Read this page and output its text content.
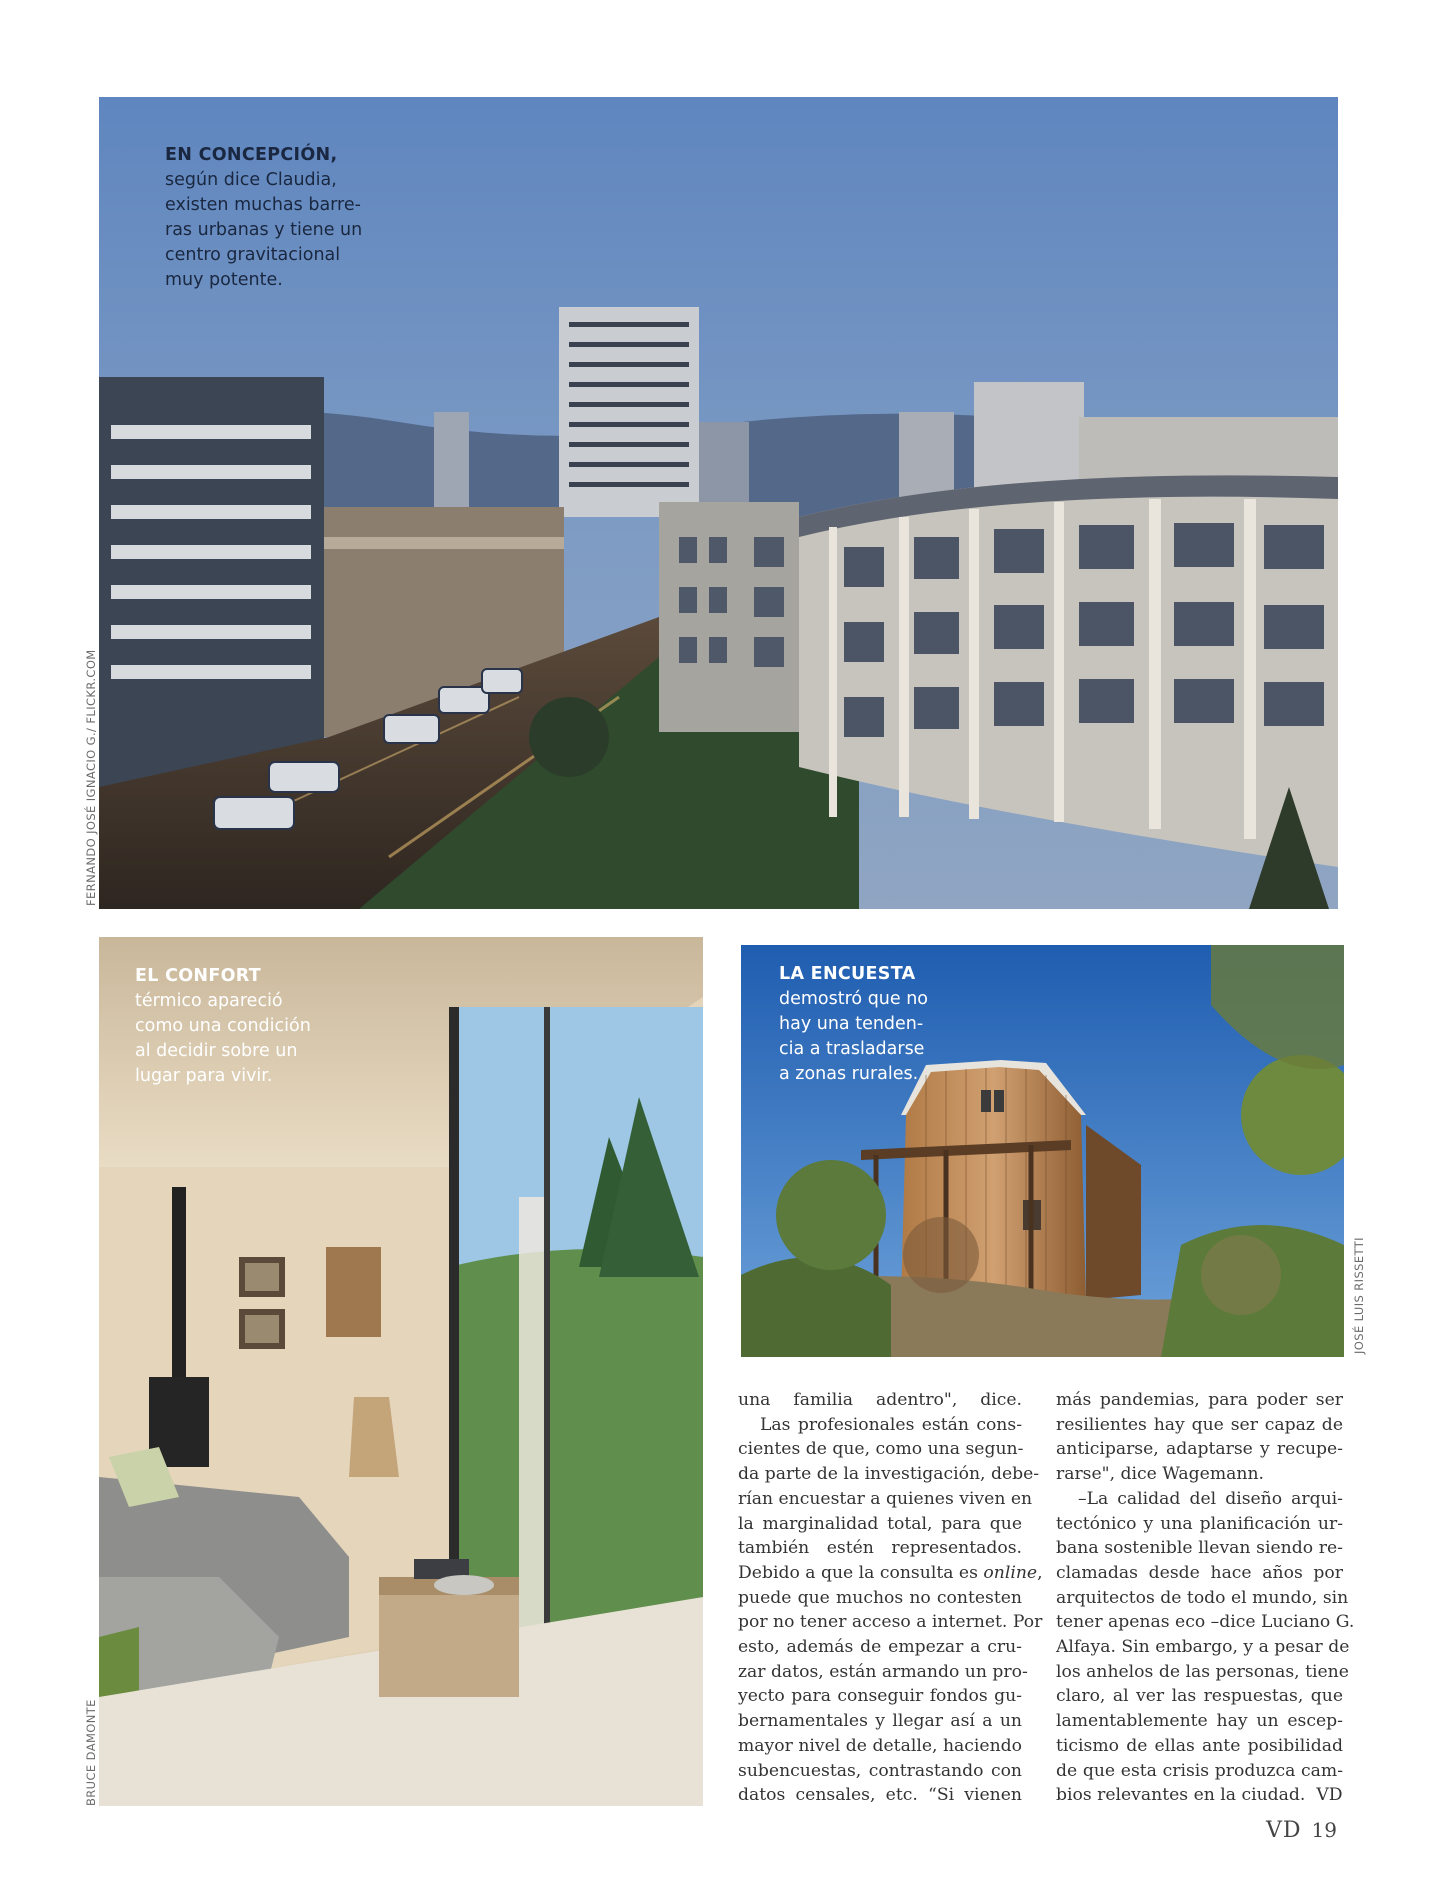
EN CONCEPCIÓN,
según dice Claudia,
existen muchas barre-
ras urbanas y tiene un
centro gravitacional
muy potente.
FERNANDO JOSÉ IGNACIO G./ FLICKR.COM
EL CONFORT
térmico apareció
como una condición
al decidir sobre un
lugar para vivir.
BRUCE DAMONTE
LA ENCUESTA
demostró que no
hay una tenden-
cia a trasladarse
a zonas rurales.
JOSÉ LUIS RISSETTI
una familia adentro", dice.
Las profesionales están cons-
cientes de que, como una segun-
da parte de la investigación, debe-
rían encuestar a quienes viven en
la marginalidad total, para que
también estén representados.
Debido a que la consulta es online,
puede que muchos no contesten
por no tener acceso a internet. Por
esto, además de empezar a cru-
zar datos, están armando un pro-
yecto para conseguir fondos gu-
bernamentales y llegar así a un
mayor nivel de detalle, haciendo
subencuestas, contrastando con
datos censales, etc. “Si vienen
más pandemias, para poder ser
resilientes hay que ser capaz de
anticiparse, adaptarse y recupe-
rarse", dice Wagemann.
–La calidad del diseño arqui-
tectónico y una planificación ur-
bana sostenible llevan siendo re-
clamadas desde hace años por
arquitectos de todo el mundo, sin
tener apenas eco –dice Luciano G.
Alfaya. Sin embargo, y a pesar de
los anhelos de las personas, tiene
claro, al ver las respuestas, que
lamentablemente hay un escep-
ticismo de ellas ante posibilidad
de que esta crisis produzca cam-
bios relevantes en la ciudad. VD
VD 19
